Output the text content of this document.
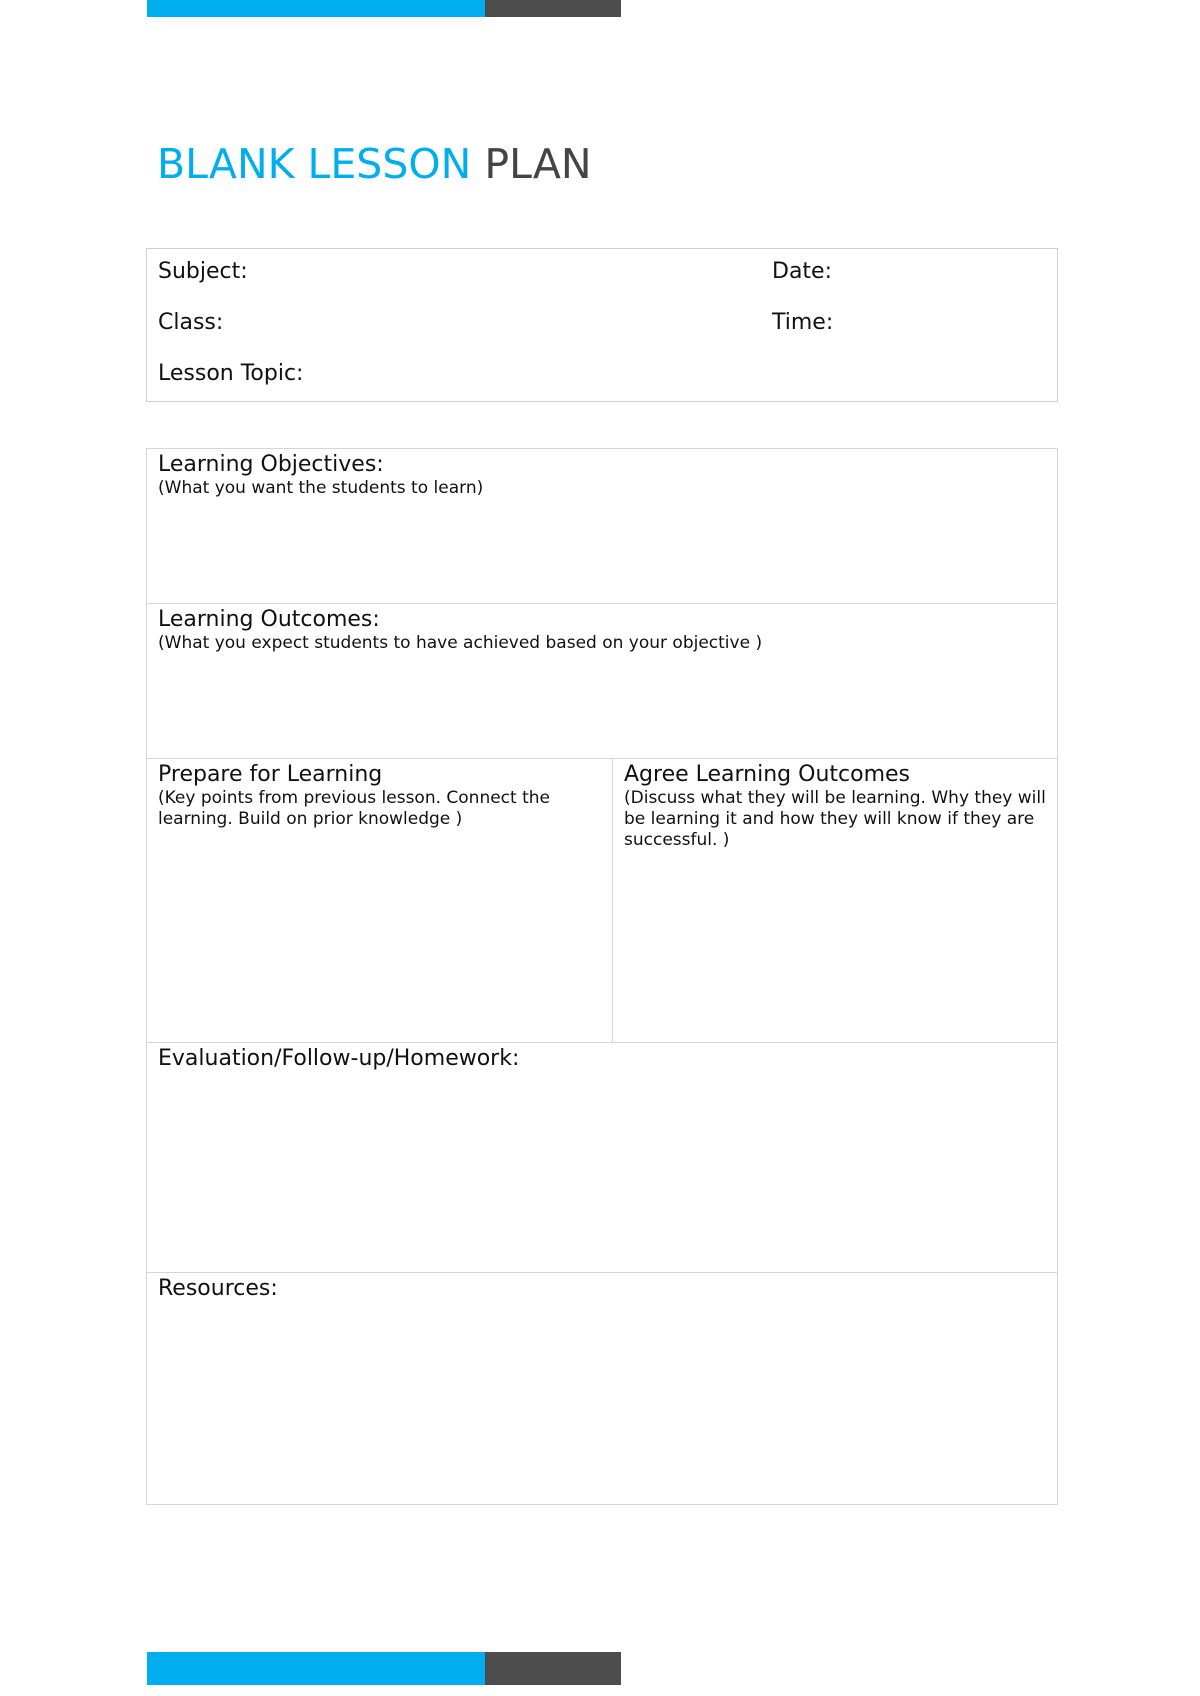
BLANK LESSON PLAN
Subject:	Date:
Class:	Time:
Lesson Topic:
Learning Objectives:
(What you want the students to learn)

Learning Outcomes:
(What you expect students to have achieved based on your objective )

Prepare for Learning
(Key points from previous lesson. Connect the learning. Build on prior knowledge )

Agree Learning Outcomes
(Discuss what they will be learning. Why they will be learning it and how they will know if they are successful. )

Evaluation/Follow-up/Homework:

Resources:
